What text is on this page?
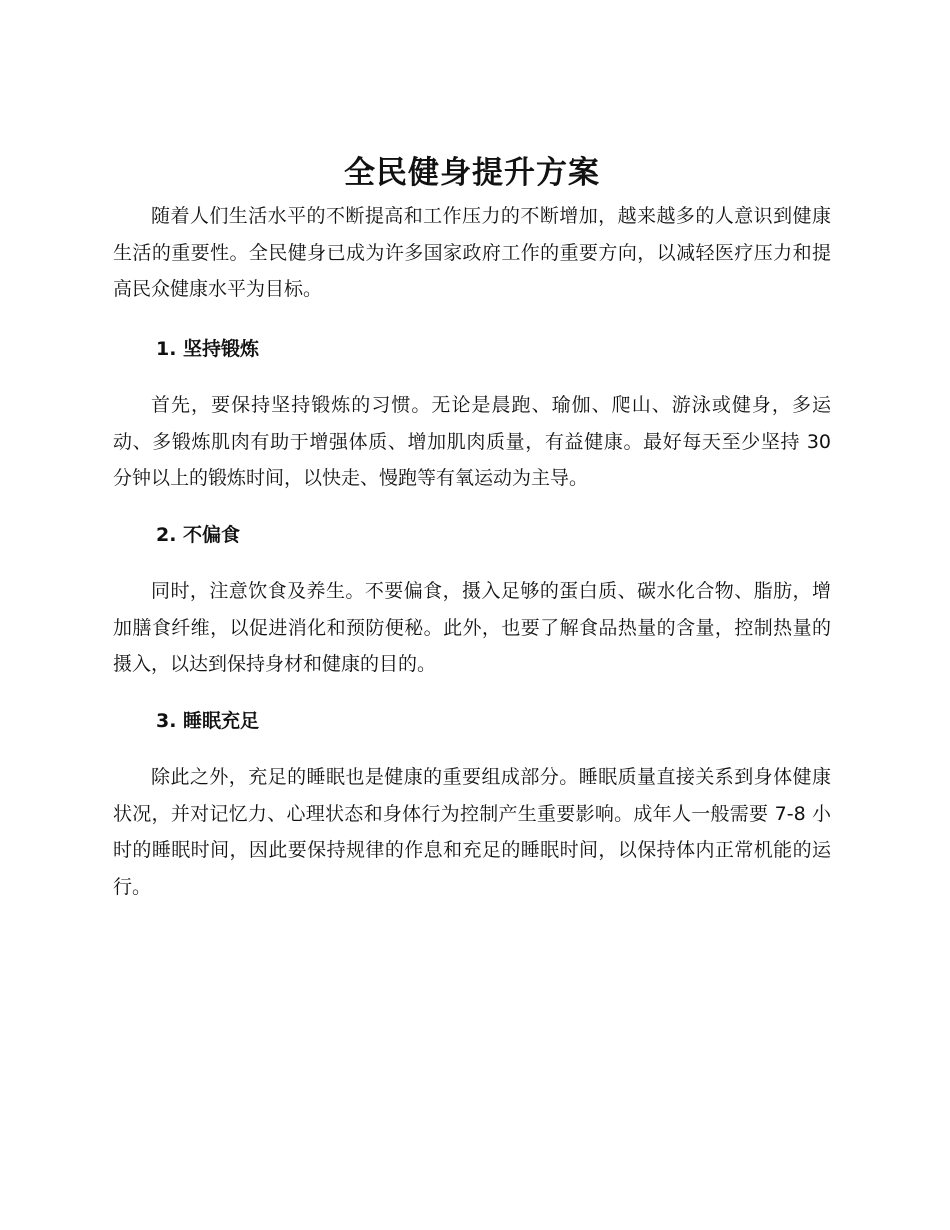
全民健身提升方案

随着人们生活水平的不断提高和工作压力的不断增加，越来越多的人意识到健康生活的重要性。全民健身已成为许多国家政府工作的重要方向，以减轻医疗压力和提高民众健康水平为目标。

1. 坚持锻炼

首先，要保持坚持锻炼的习惯。无论是晨跑、瑜伽、爬山、游泳或健身，多运动、多锻炼肌肉有助于增强体质、增加肌肉质量，有益健康。最好每天至少坚持 30 分钟以上的锻炼时间，以快走、慢跑等有氧运动为主导。

2. 不偏食

同时，注意饮食及养生。不要偏食，摄入足够的蛋白质、碳水化合物、脂肪，增加膳食纤维，以促进消化和预防便秘。此外，也要了解食品热量的含量，控制热量的摄入，以达到保持身材和健康的目的。

3. 睡眠充足

除此之外，充足的睡眠也是健康的重要组成部分。睡眠质量直接关系到身体健康状况，并对记忆力、心理状态和身体行为控制产生重要影响。成年人一般需要 7-8 小时的睡眠时间，因此要保持规律的作息和充足的睡眠时间，以保持体内正常机能的运行。
